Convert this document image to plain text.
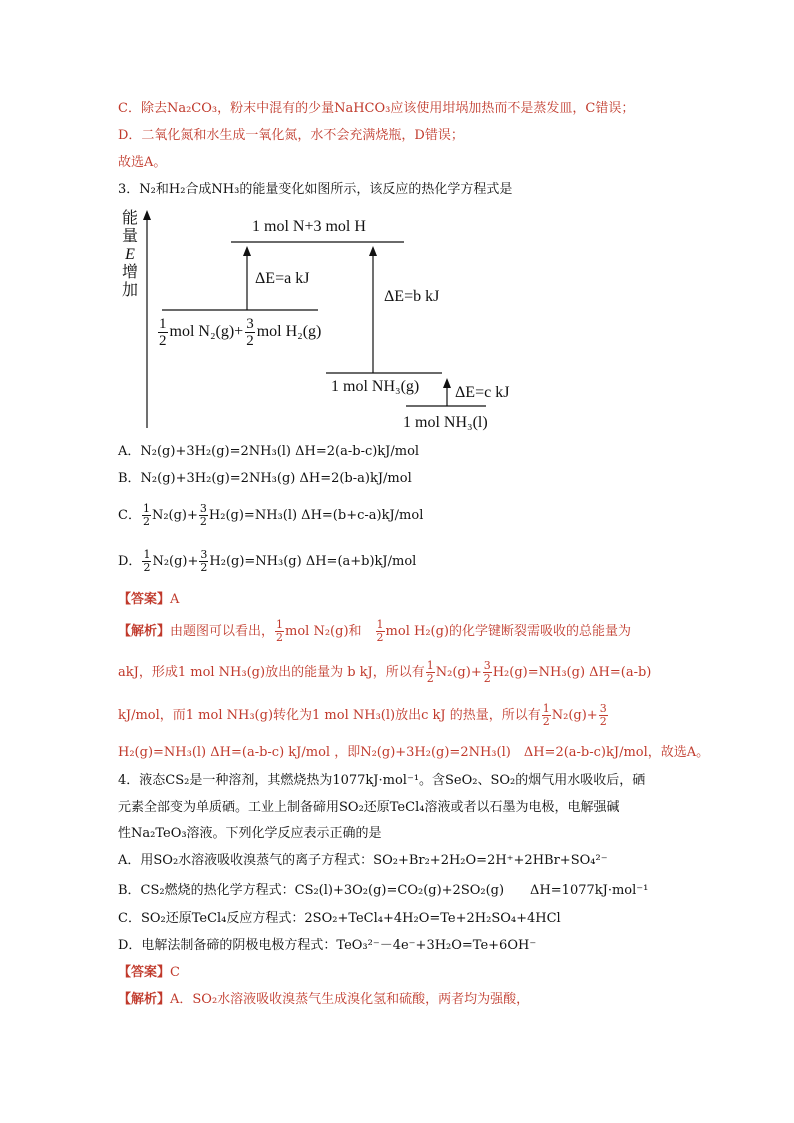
C．除去Na₂CO₃，粉末中混有的少量NaHCO₃应该使用坩埚加热而不是蒸发皿，C错误；
D．二氧化氮和水生成一氧化氮，水不会充满烧瓶，D错误；
故选A。
3．N₂和H₂合成NH₃的能量变化如图所示，该反应的热化学方程式是
能
量
E
增
加
1 mol N+3 mol H
ΔE=a kJ
ΔE=b kJ
ΔE=c kJ
$\frac{1}{2}$ mol $N_2(g)+ \frac{3}{2}$ mol H₂(g)
1 mol NH₃(g)
1 mol NH₃(l)
A．N₂(g)+3H₂(g)=2NH₃(l) ΔH=2(a-b-c)kJ/mol
B．N₂(g)+3H₂(g)=2NH₃(g) ΔH=2(b-a)kJ/mol
C． $\frac{1}{2} N_2(g)+ \frac{3}{2} H_2(g)=NH_3(l)$ ΔH=(b+c-a)kJ/mol
D． $\frac{1}{2} N_2(g)+ \frac{3}{2} H_2(g)=NH_3(g)$ ΔH=(a+b)kJ/mol
【答案】A
【解析】由题图可以看出， $\frac{1}{2}$ mol N₂(g)和　 $\frac{1}{2}$ mol H₂(g)的化学键断裂需吸收的总能量为
akJ，形成1 mol NH₃(g)放出的能量为 b kJ，所以有 $\frac{1}{2} N_2(g)+ \frac{3}{2} H_2(g)=NH_3(g)$ ΔH=(a-b)
kJ/mol，而1 mol NH₃(g)转化为1 mol NH₃(l)放出c kJ 的热量，所以有 $\frac{1}{2} N_2(g)+ \frac{3}{2}$
H₂(g)=NH₃(l) ΔH=(a-b-c) kJ/mol ，即N₂(g)+3H₂(g)=2NH₃(l)　ΔH=2(a-b-c)kJ/mol，故选A。
4．液态CS₂是一种溶剂，其燃烧热为1077kJ·mol⁻¹。含SeO₂、SO₂的烟气用水吸收后，硒
元素全部变为单质硒。工业上制备碲用SO₂还原TeCl₄溶液或者以石墨为电极，电解强碱
性Na₂TeO₃溶液。下列化学反应表示正确的是
A．用SO₂水溶液吸收溴蒸气的离子方程式：SO₂+Br₂+2H₂O=2H⁺+2HBr+SO₄²⁻
B．CS₂燃烧的热化学方程式：CS₂(l)+3O₂(g)=CO₂(g)+2SO₂(g)　　ΔH=1077kJ·mol⁻¹
C．SO₂还原TeCl₄反应方程式：2SO₂+TeCl₄+4H₂O=Te+2H₂SO₄+4HCl
D．电解法制备碲的阴极电极方程式：TeO₃²⁻－4e⁻+3H₂O=Te+6OH⁻
【答案】C
【解析】A．SO₂水溶液吸收溴蒸气生成溴化氢和硫酸，两者均为强酸，
